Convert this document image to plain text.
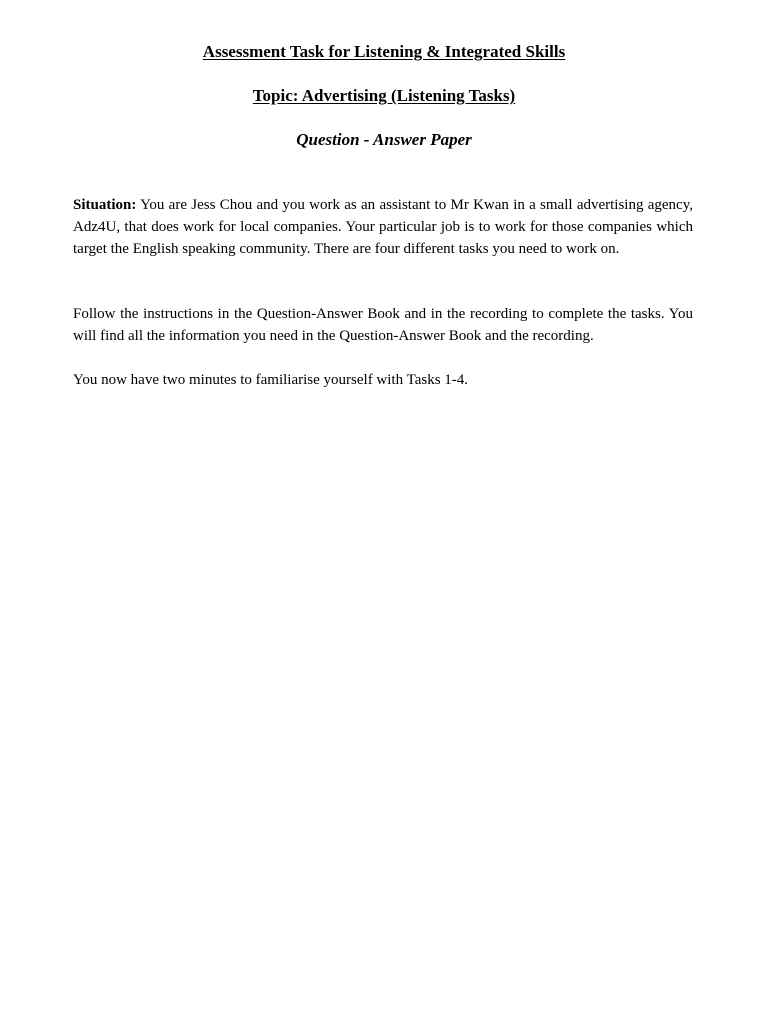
Assessment Task for Listening & Integrated Skills
Topic: Advertising (Listening Tasks)
Question - Answer Paper

Situation: You are Jess Chou and you work as an assistant to Mr Kwan in a small advertising agency, Adz4U, that does work for local companies. Your particular job is to work for those companies which target the English speaking community. There are four different tasks you need to work on.

Follow the instructions in the Question-Answer Book and in the recording to complete the tasks. You will find all the information you need in the Question-Answer Book and the recording.

You now have two minutes to familiarise yourself with Tasks 1-4.
